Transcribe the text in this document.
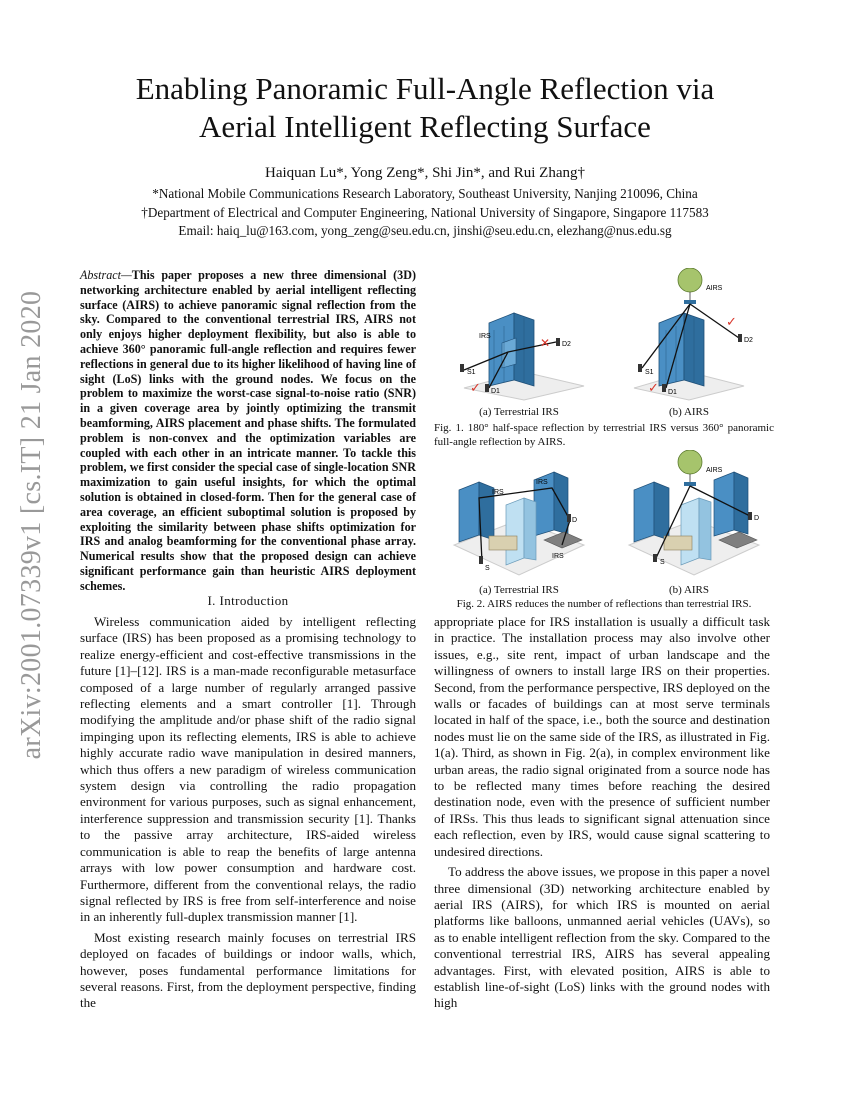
Enabling Panoramic Full-Angle Reflection via
Aerial Intelligent Reflecting Surface
Haiquan Lu*, Yong Zeng*, Shi Jin*, and Rui Zhang†
*National Mobile Communications Research Laboratory, Southeast University, Nanjing 210096, China
†Department of Electrical and Computer Engineering, National University of Singapore, Singapore 117583
Email: haiq_lu@163.com, yong_zeng@seu.edu.cn, jinshi@seu.edu.cn, elezhang@nus.edu.sg
arXiv:2001.07339v1 [cs.IT] 21 Jan 2020
Abstract—This paper proposes a new three dimensional (3D) networking architecture enabled by aerial intelligent reflecting surface (AIRS) to achieve panoramic signal reflection from the sky. Compared to the conventional terrestrial IRS, AIRS not only enjoys higher deployment flexibility, but also is able to achieve 360° panoramic full-angle reflection and requires fewer reflections in general due to its higher likelihood of having line of sight (LoS) links with the ground nodes. We focus on the problem to maximize the worst-case signal-to-noise ratio (SNR) in a given coverage area by jointly optimizing the transmit beamforming, AIRS placement and phase shifts. The formulated problem is non-convex and the optimization variables are coupled with each other in an intricate manner. To tackle this problem, we first consider the special case of single-location SNR maximization to gain useful insights, for which the optimal solution is obtained in closed-form. Then for the general case of area coverage, an efficient suboptimal solution is proposed by exploiting the similarity between phase shifts optimization for IRS and analog beamforming for the conventional phase array. Numerical results show that the proposed design can achieve significant performance gain than heuristic AIRS deployment schemes.
I. Introduction

Wireless communication aided by intelligent reflecting surface (IRS) has been proposed as a promising technology to realize energy-efficient and cost-effective transmissions in the future [1]–[12]. IRS is a man-made reconfigurable metasurface composed of a large number of regularly arranged passive reflecting elements and a smart controller [1]. Through modifying the amplitude and/or phase shift of the radio signal impinging upon its reflecting elements, IRS is able to achieve highly accurate radio wave manipulation in desired manners, which thus offers a new paradigm of wireless communication system design via controlling the radio propagation environment for various purposes, such as signal enhancement, interference suppression and transmission security [1]. Thanks to the passive array architecture, IRS-aided wireless communication is able to reap the benefits of large antenna arrays with low power consumption and hardware cost. Furthermore, different from the conventional relays, the radio signal reflected by IRS is free from self-interference and noise in an inherently full-duplex transmission manner [1].

Most existing research mainly focuses on terrestrial IRS deployed on facades of buildings or indoor walls, which, however, poses fundamental performance limitations for several reasons. First, from the deployment perspective, finding the

appropriate place for IRS installation is usually a difficult task in practice. The installation process may also involve other issues, e.g., site rent, impact of urban landscape and the willingness of owners to install large IRS on their properties. Second, from the performance perspective, IRS deployed on the walls or facades of buildings can at most serve terminals located in half of the space, i.e., both the source and destination nodes must lie on the same side of the IRS, as illustrated in Fig. 1(a). Third, as shown in Fig. 2(a), in complex environment like urban areas, the radio signal originated from a source node has to be reflected many times before reaching the desired destination node, even with the presence of sufficient number of IRSs. This thus leads to significant signal attenuation since each reflection, even by IRS, would cause signal scattering to undesired directions.

To address the above issues, we propose in this paper a novel three dimensional (3D) networking architecture enabled by aerial IRS (AIRS), for which IRS is mounted on aerial platforms like balloons, unmanned aerial vehicles (UAVs), so as to enable intelligent reflection from the sky. Compared to the conventional terrestrial IRS, AIRS has several appealing advantages. First, with elevated position, AIRS is able to establish line-of-sight (LoS) links with the ground nodes with high

IRS
S1
D1
D2
✕
✓
AIRS
S1
D1
D2
✓
✓
(a) Terrestrial IRS	(b) AIRS
Fig. 1. 180° half-space reflection by terrestrial IRS versus 360° panoramic full-angle reflection by AIRS.
IRS
IRS
IRS
S
D
AIRS
S
D
(a) Terrestrial IRS	(b) AIRS
Fig. 2. AIRS reduces the number of reflections than terrestrial IRS.
